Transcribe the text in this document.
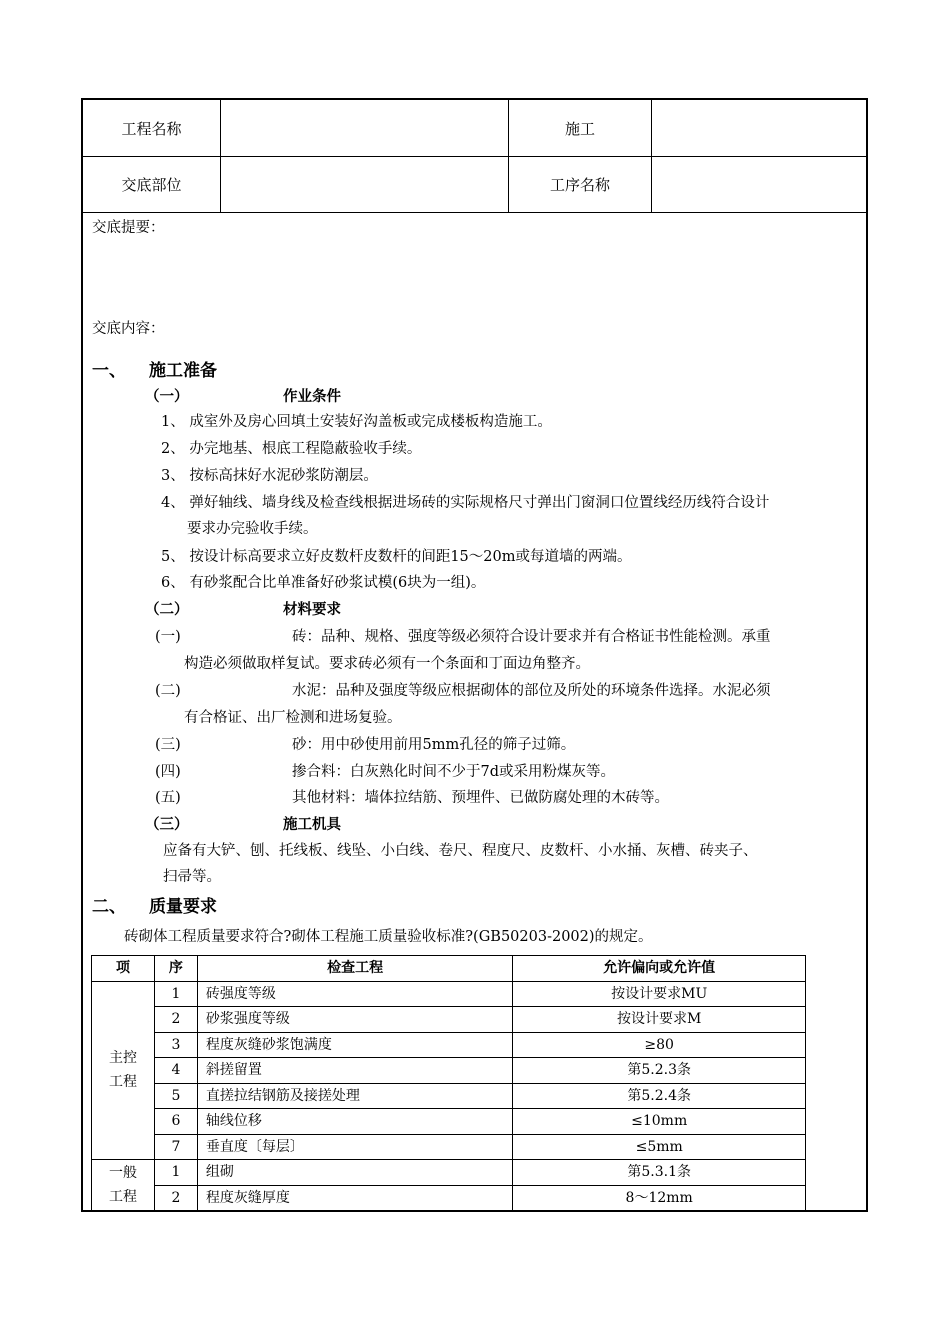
工程名称	施工
交底部位	工序名称
交底提要：
交底内容：
一、 施工准备
（一）	作业条件
1、 成室外及房心回填土安装好沟盖板或完成楼板构造施工。
2、 办完地基、根底工程隐蔽验收手续。
3、 按标高抹好水泥砂浆防潮层。
4、 弹好轴线、墙身线及检查线根据进场砖的实际规格尺寸弹出门窗洞口位置线经历线符合设计
要求办完验收手续。
5、 按设计标高要求立好皮数杆皮数杆的间距15～20m或每道墙的两端。
6、 有砂浆配合比单准备好砂浆试模(6块为一组)。
（二）	材料要求
(一)	砖：品种、规格、强度等级必须符合设计要求并有合格证书性能检测。承重
构造必须做取样复试。要求砖必须有一个条面和丁面边角整齐。
(二)	水泥：品种及强度等级应根据砌体的部位及所处的环境条件选择。水泥必须
有合格证、出厂检测和进场复验。
(三)	砂：用中砂使用前用5mm孔径的筛子过筛。
(四)	掺合料：白灰熟化时间不少于7d或采用粉煤灰等。
(五)	其他材料：墙体拉结筋、预埋件、已做防腐处理的木砖等。
（三）	施工机具
应备有大铲、刨、托线板、线坠、小白线、卷尺、程度尺、皮数杆、小水捅、灰槽、砖夹子、
扫帚等。
二、 质量要求
砖砌体工程质量要求符合?砌体工程施工质量验收标准?(GB50203-2002)的规定。
项	序	检查工程	允许偏向或允许值

主控
工程	1	砖强度等级	按设计要求MU
	2	砂浆强度等级	按设计要求M
	3	程度灰缝砂浆饱满度	≥80
	4	斜搓留置	第5.2.3条
	5	直搓拉结钢筋及接搓处理	第5.2.4条
	6	轴线位移	≤10mm
	7	垂直度〔每层〕	≤5mm

一般
工程	1	组砌	第5.3.1条
	2	程度灰缝厚度	8～12mm
